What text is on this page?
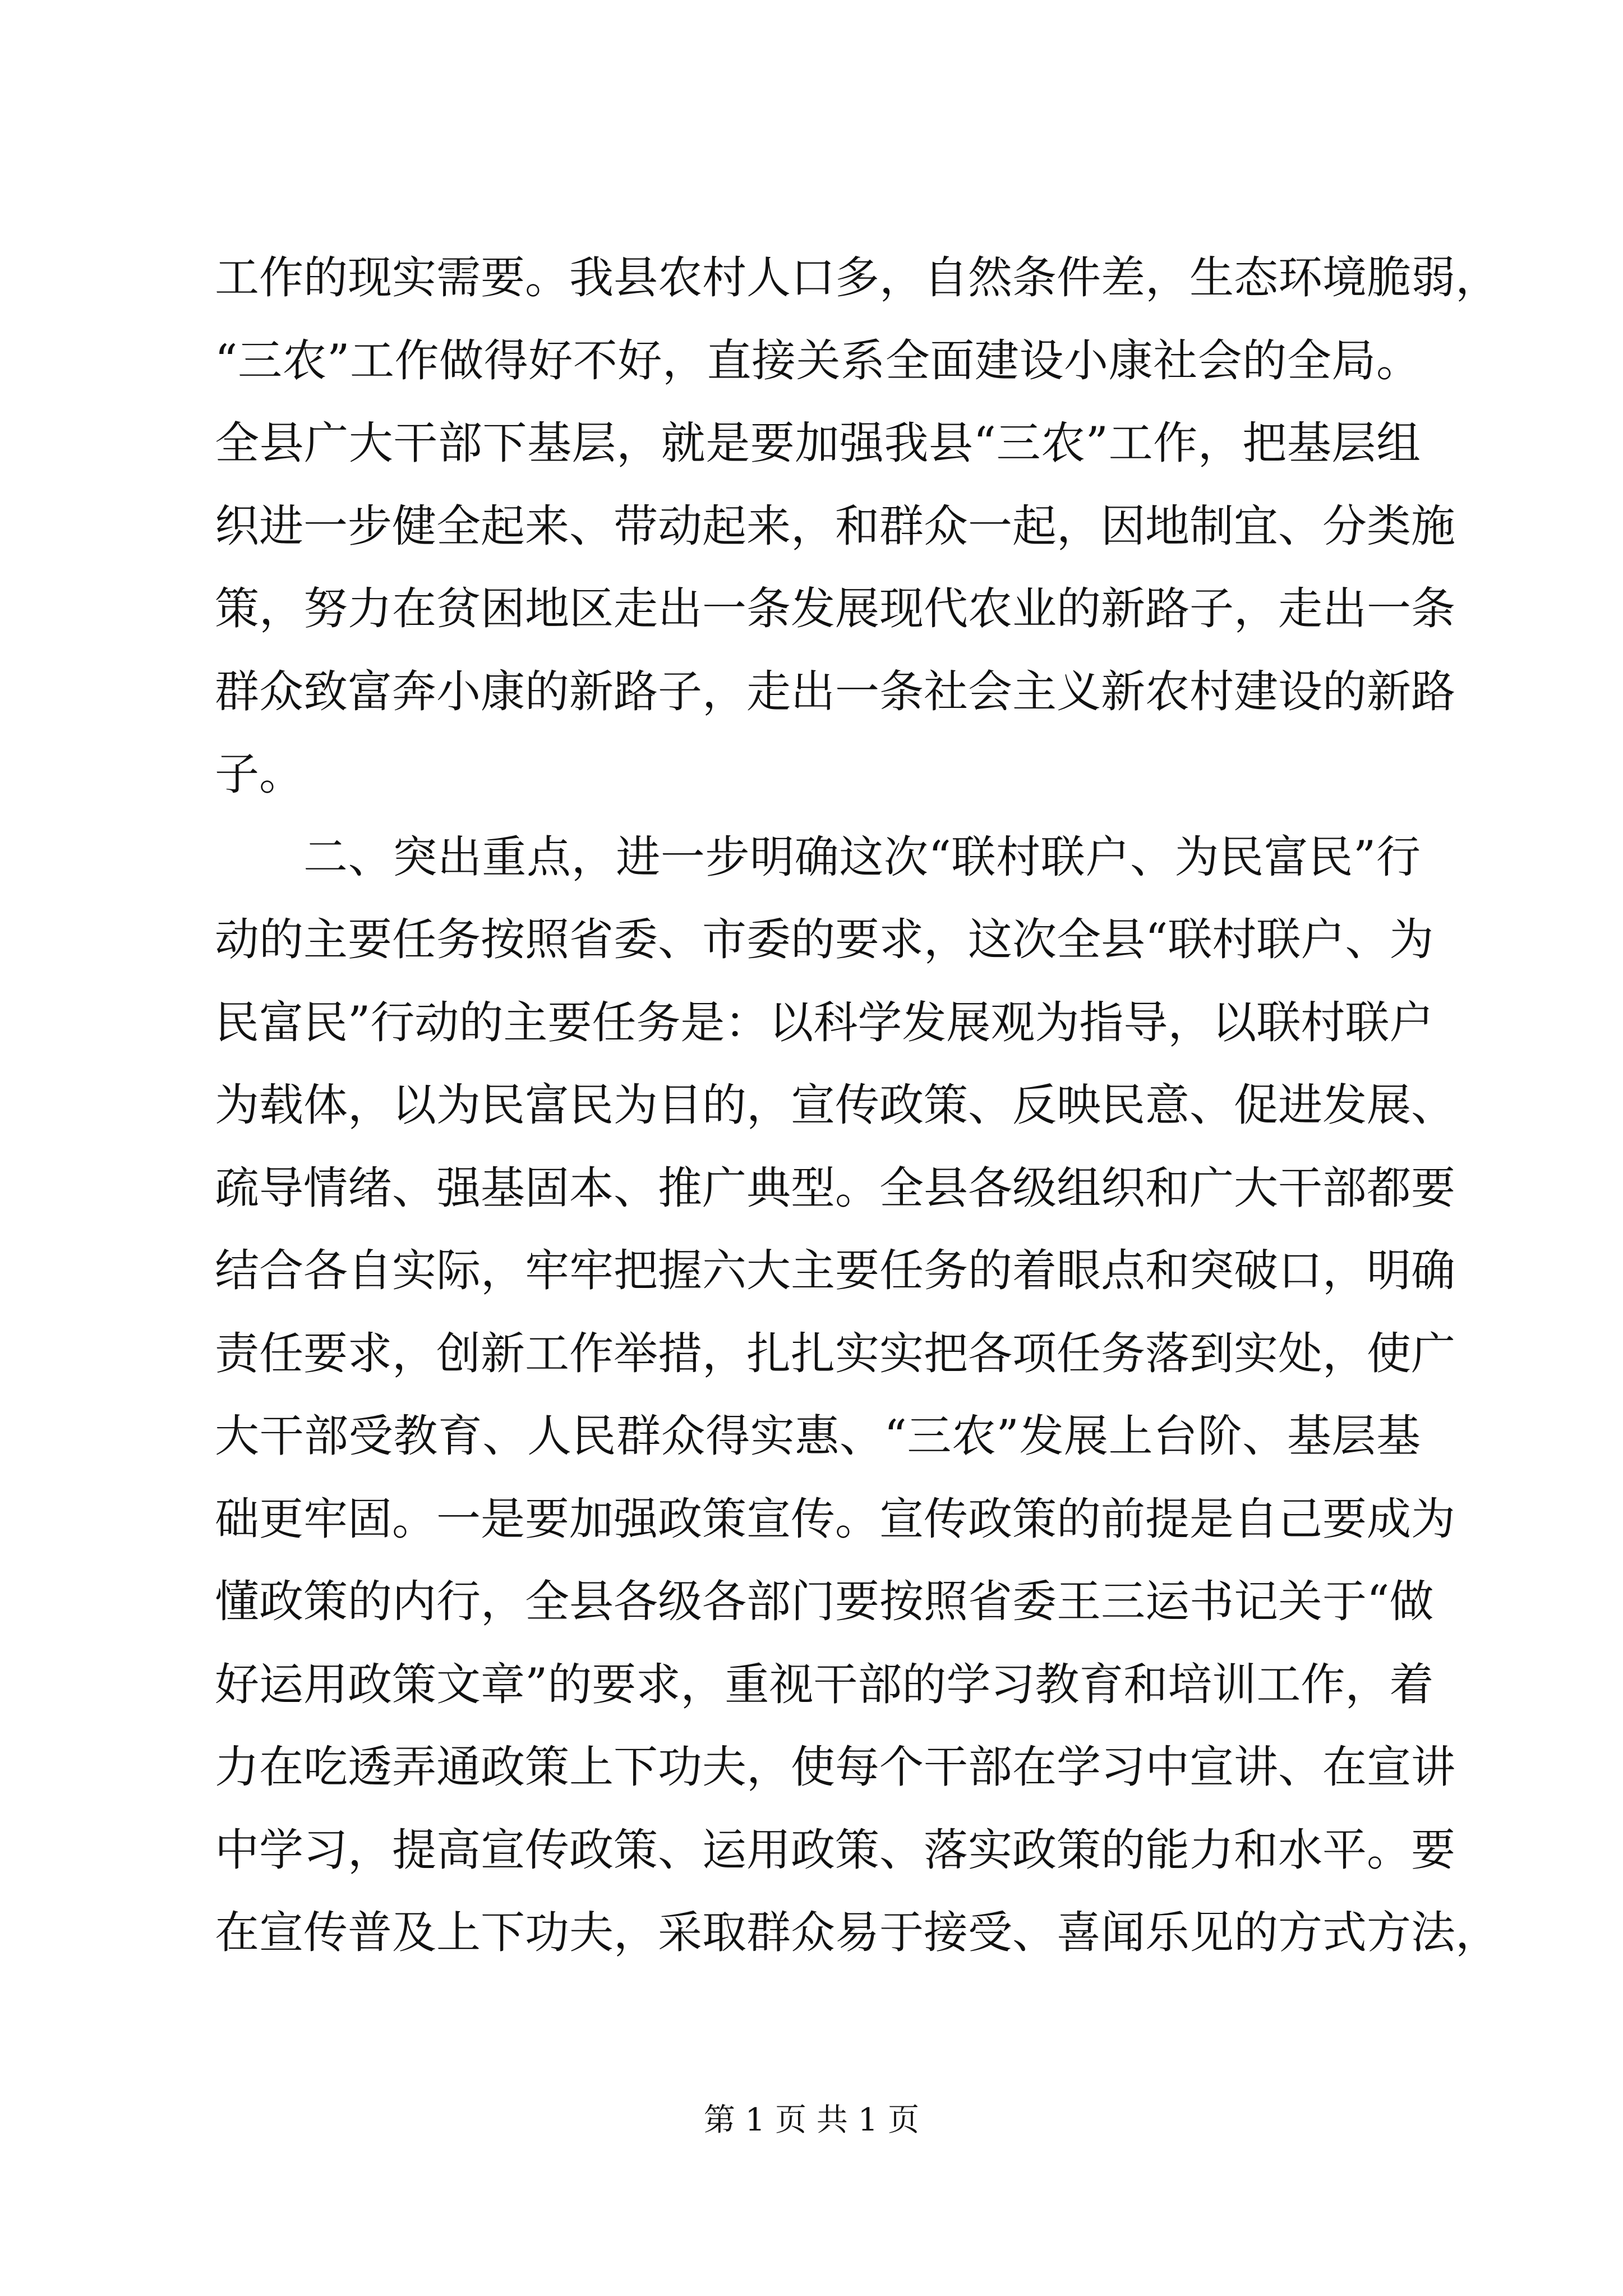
工作的现实需要。我县农村人口多，自然条件差，生态环境脆弱，
“三农”工作做得好不好，直接关系全面建设小康社会的全局。
全县广大干部下基层，就是要加强我县“三农”工作，把基层组
织进一步健全起来、带动起来，和群众一起，因地制宜、分类施
策，努力在贫困地区走出一条发展现代农业的新路子，走出一条
群众致富奔小康的新路子，走出一条社会主义新农村建设的新路
子。
二、突出重点，进一步明确这次“联村联户、为民富民”行
动的主要任务按照省委、市委的要求，这次全县“联村联户、为
民富民”行动的主要任务是：以科学发展观为指导，以联村联户
为载体，以为民富民为目的，宣传政策、反映民意、促进发展、
疏导情绪、强基固本、推广典型。全县各级组织和广大干部都要
结合各自实际，牢牢把握六大主要任务的着眼点和突破口，明确
责任要求，创新工作举措，扎扎实实把各项任务落到实处，使广
大干部受教育、人民群众得实惠、“三农”发展上台阶、基层基
础更牢固。一是要加强政策宣传。宣传政策的前提是自己要成为
懂政策的内行，全县各级各部门要按照省委王三运书记关于“做
好运用政策文章”的要求，重视干部的学习教育和培训工作，着
力在吃透弄通政策上下功夫，使每个干部在学习中宣讲、在宣讲
中学习，提高宣传政策、运用政策、落实政策的能力和水平。要
在宣传普及上下功夫，采取群众易于接受、喜闻乐见的方式方法，
第 1 页 共 1 页
